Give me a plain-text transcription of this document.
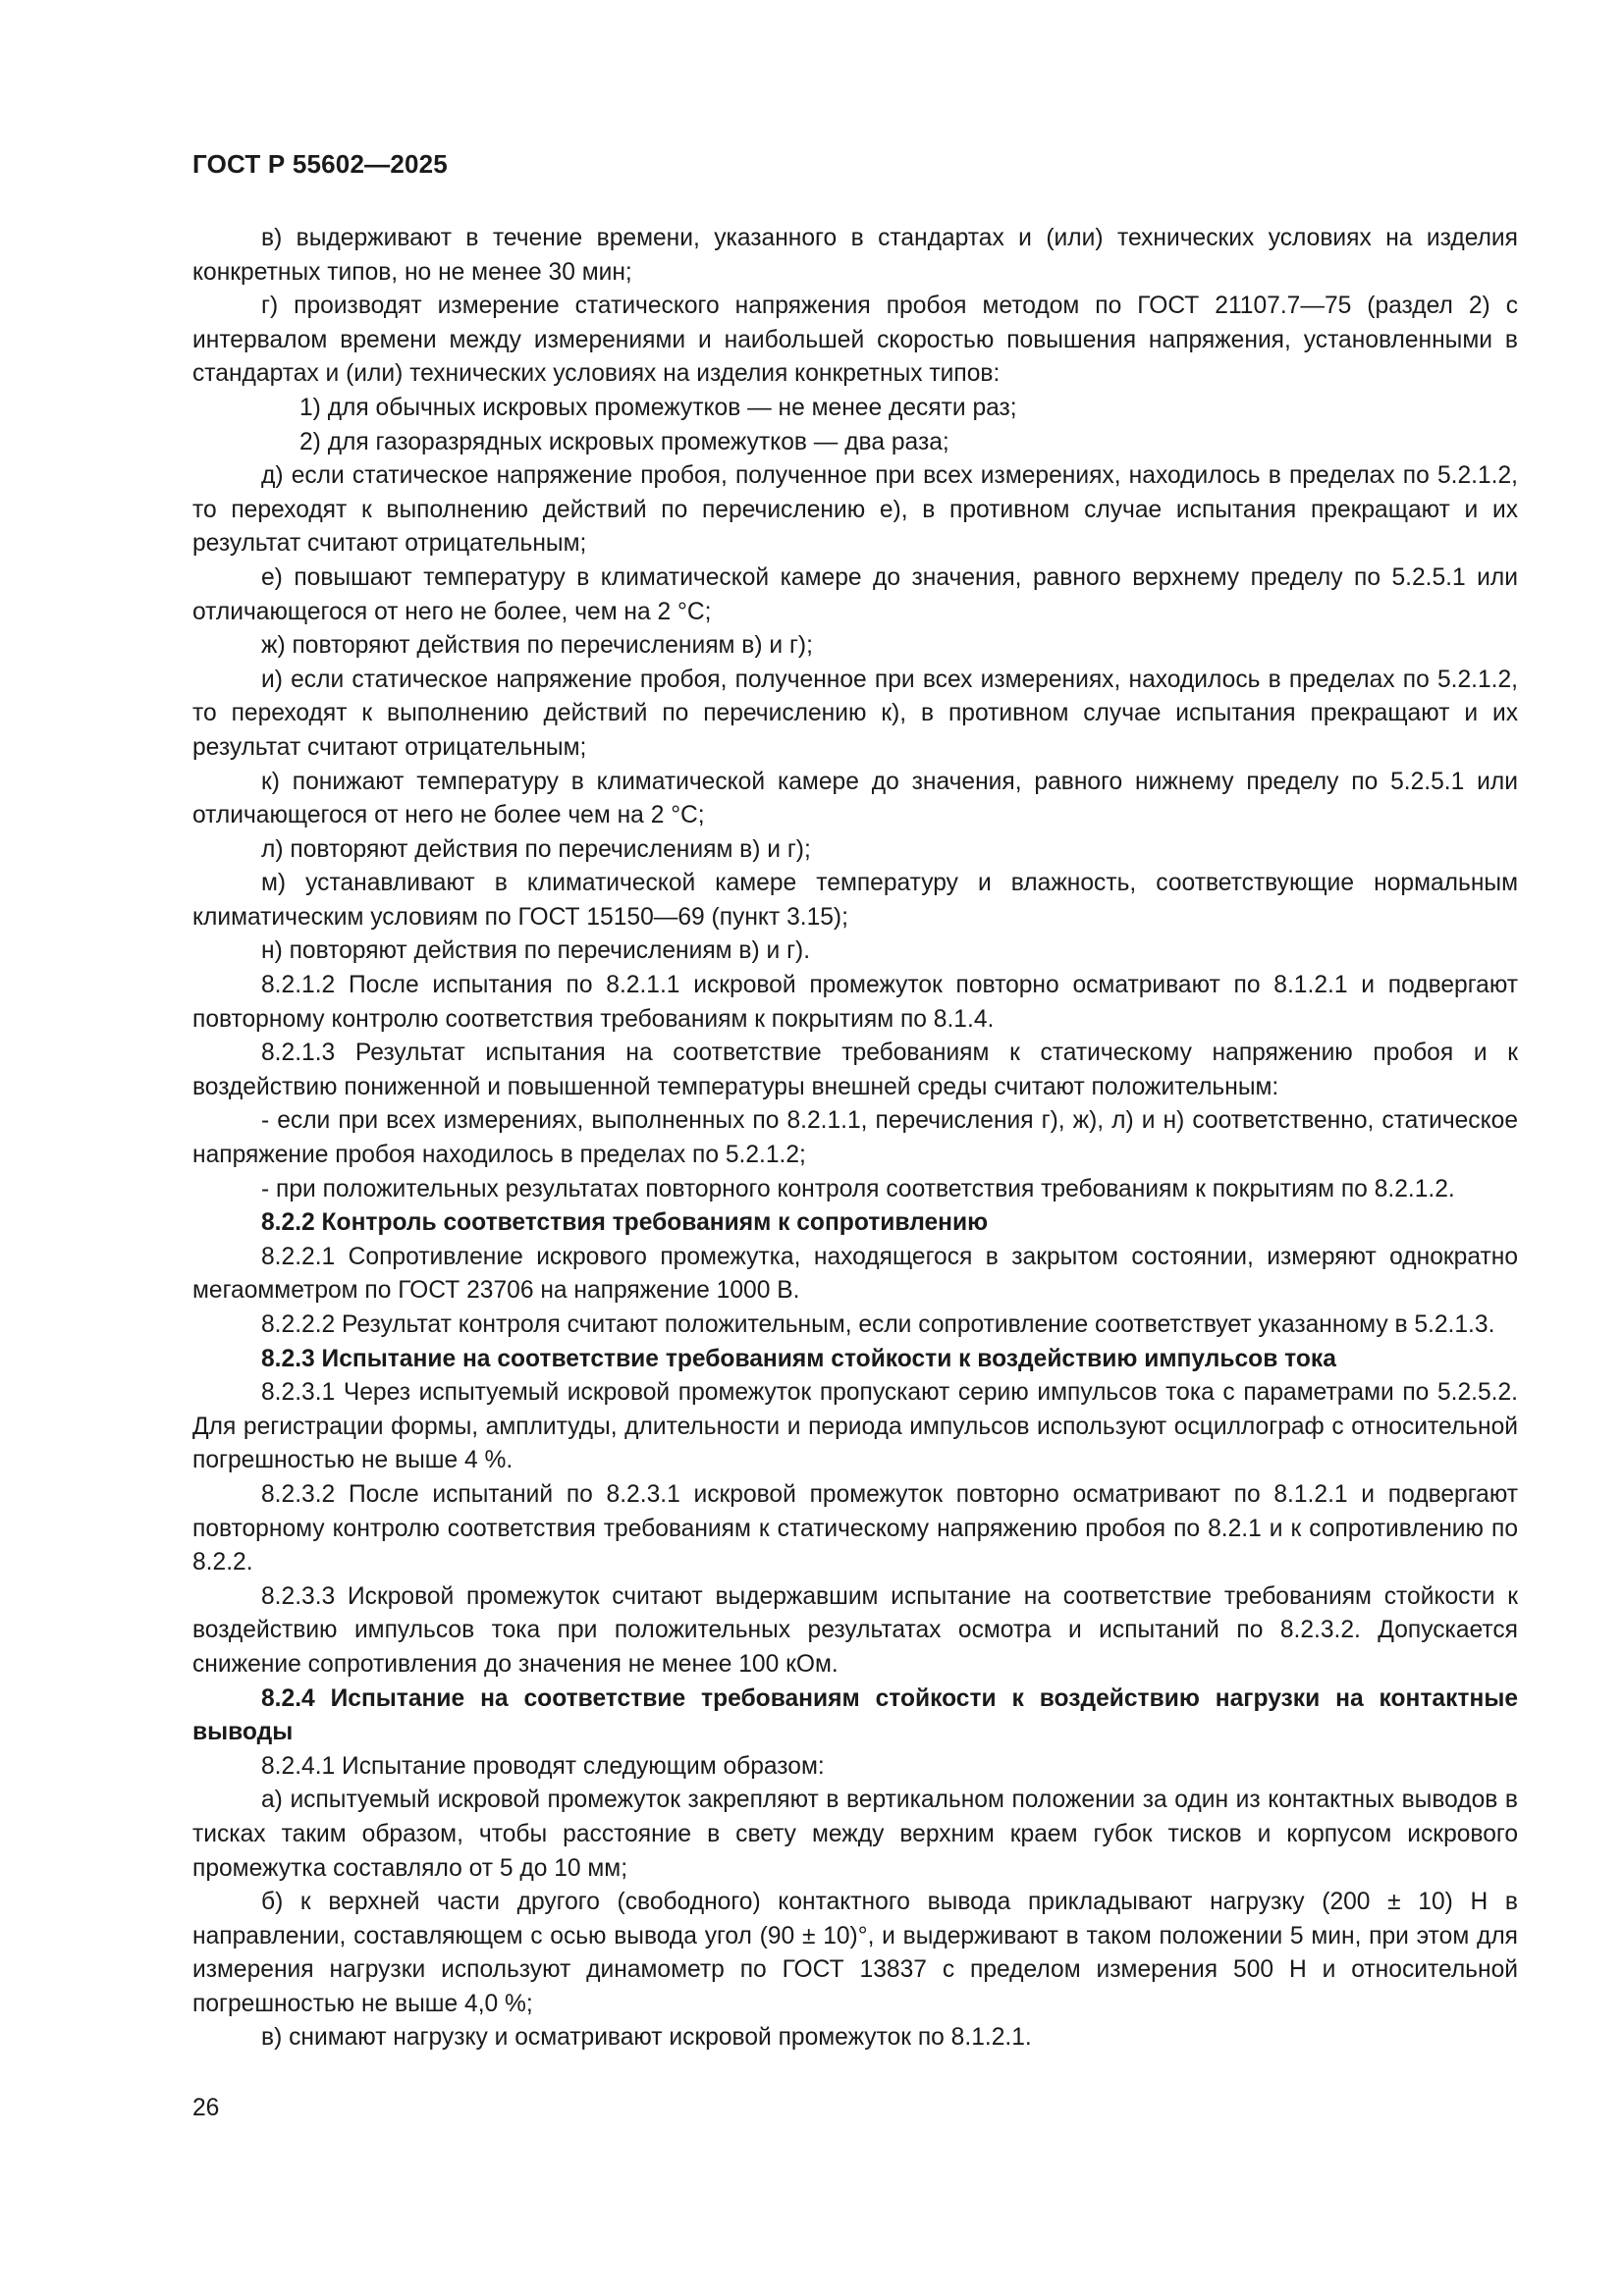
ГОСТ Р 55602—2025

в) выдерживают в течение времени, указанного в стандартах и (или) технических условиях на изделия конкретных типов, но не менее 30 мин;

г) производят измерение статического напряжения пробоя методом по ГОСТ 21107.7—75 (раздел 2) с интервалом времени между измерениями и наибольшей скоростью повышения напряжения, установленными в стандартах и (или) технических условиях на изделия конкретных типов:

1) для обычных искровых промежутков — не менее десяти раз;

2) для газоразрядных искровых промежутков — два раза;

д) если статическое напряжение пробоя, полученное при всех измерениях, находилось в пределах по 5.2.1.2, то переходят к выполнению действий по перечислению е), в противном случае испытания прекращают и их результат считают отрицательным;

е) повышают температуру в климатической камере до значения, равного верхнему пределу по 5.2.5.1 или отличающегося от него не более, чем на 2 °С;

ж) повторяют действия по перечислениям в) и г);

и) если статическое напряжение пробоя, полученное при всех измерениях, находилось в пределах по 5.2.1.2, то переходят к выполнению действий по перечислению к), в противном случае испытания прекращают и их результат считают отрицательным;

к) понижают температуру в климатической камере до значения, равного нижнему пределу по 5.2.5.1 или отличающегося от него не более чем на 2 °С;

л) повторяют действия по перечислениям в) и г);

м) устанавливают в климатической камере температуру и влажность, соответствующие нормальным климатическим условиям по ГОСТ 15150—69 (пункт 3.15);

н) повторяют действия по перечислениям в) и г).

8.2.1.2 После испытания по 8.2.1.1 искровой промежуток повторно осматривают по 8.1.2.1 и подвергают повторному контролю соответствия требованиям к покрытиям по 8.1.4.

8.2.1.3 Результат испытания на соответствие требованиям к статическому напряжению пробоя и к воздействию пониженной и повышенной температуры внешней среды считают положительным:

- если при всех измерениях, выполненных по 8.2.1.1, перечисления г), ж), л) и н) соответственно, статическое напряжение пробоя находилось в пределах по 5.2.1.2;

- при положительных результатах повторного контроля соответствия требованиям к покрытиям по 8.2.1.2.

8.2.2 Контроль соответствия требованиям к сопротивлению

8.2.2.1 Сопротивление искрового промежутка, находящегося в закрытом состоянии, измеряют однократно мегаомметром по ГОСТ 23706 на напряжение 1000 В.

8.2.2.2 Результат контроля считают положительным, если сопротивление соответствует указанному в 5.2.1.3.

8.2.3 Испытание на соответствие требованиям стойкости к воздействию импульсов тока

8.2.3.1 Через испытуемый искровой промежуток пропускают серию импульсов тока с параметрами по 5.2.5.2. Для регистрации формы, амплитуды, длительности и периода импульсов используют осциллограф с относительной погрешностью не выше 4 %.

8.2.3.2 После испытаний по 8.2.3.1 искровой промежуток повторно осматривают по 8.1.2.1 и подвергают повторному контролю соответствия требованиям к статическому напряжению пробоя по 8.2.1 и к сопротивлению по 8.2.2.

8.2.3.3 Искровой промежуток считают выдержавшим испытание на соответствие требованиям стойкости к воздействию импульсов тока при положительных результатах осмотра и испытаний по 8.2.3.2. Допускается снижение сопротивления до значения не менее 100 кОм.

8.2.4 Испытание на соответствие требованиям стойкости к воздействию нагрузки на контактные выводы

8.2.4.1 Испытание проводят следующим образом:

а) испытуемый искровой промежуток закрепляют в вертикальном положении за один из контактных выводов в тисках таким образом, чтобы расстояние в свету между верхним краем губок тисков и корпусом искрового промежутка составляло от 5 до 10 мм;

б) к верхней части другого (свободного) контактного вывода прикладывают нагрузку (200 ± 10) Н в направлении, составляющем с осью вывода угол (90 ± 10)°, и выдерживают в таком положении 5 мин, при этом для измерения нагрузки используют динамометр по ГОСТ 13837 с пределом измерения 500 Н и относительной погрешностью не выше 4,0 %;

в) снимают нагрузку и осматривают искровой промежуток по 8.1.2.1.

26
